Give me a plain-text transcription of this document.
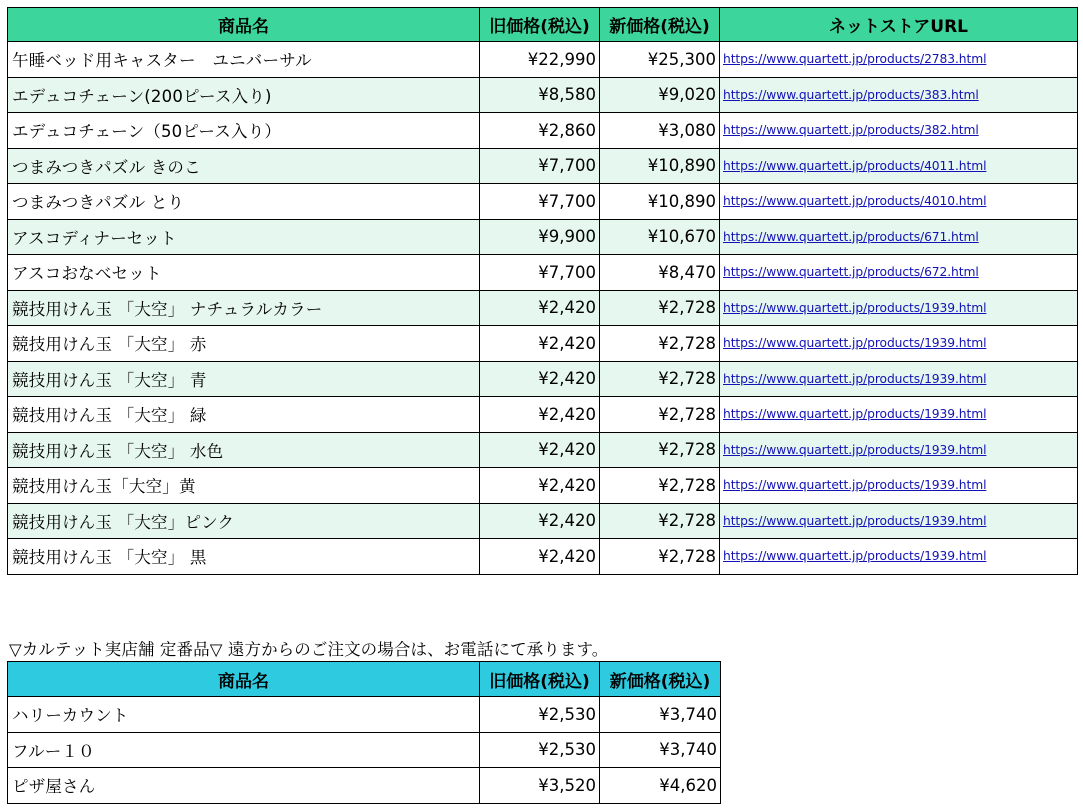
商品名	旧価格(税込)	新価格(税込)	ネットストアURL
午睡ベッド用キャスター　ユニバーサル	¥22,990	¥25,300	https://www.quartett.jp/products/2783.html
エデュコチェーン(200ピース入り)	¥8,580	¥9,020	https://www.quartett.jp/products/383.html
エデュコチェーン（50ピース入り）	¥2,860	¥3,080	https://www.quartett.jp/products/382.html
つまみつきパズル きのこ	¥7,700	¥10,890	https://www.quartett.jp/products/4011.html
つまみつきパズル とり	¥7,700	¥10,890	https://www.quartett.jp/products/4010.html
アスコディナーセット	¥9,900	¥10,670	https://www.quartett.jp/products/671.html
アスコおなべセット	¥7,700	¥8,470	https://www.quartett.jp/products/672.html
競技用けん玉 「大空」 ナチュラルカラー	¥2,420	¥2,728	https://www.quartett.jp/products/1939.html
競技用けん玉 「大空」 赤	¥2,420	¥2,728	https://www.quartett.jp/products/1939.html
競技用けん玉 「大空」 青	¥2,420	¥2,728	https://www.quartett.jp/products/1939.html
競技用けん玉 「大空」 緑	¥2,420	¥2,728	https://www.quartett.jp/products/1939.html
競技用けん玉 「大空」 水色	¥2,420	¥2,728	https://www.quartett.jp/products/1939.html
競技用けん玉「大空」黄	¥2,420	¥2,728	https://www.quartett.jp/products/1939.html
競技用けん玉 「大空」ピンク	¥2,420	¥2,728	https://www.quartett.jp/products/1939.html
競技用けん玉 「大空」 黒	¥2,420	¥2,728	https://www.quartett.jp/products/1939.html
▽カルテット実店舗 定番品▽ 遠方からのご注文の場合は、お電話にて承ります。
商品名	旧価格(税込)	新価格(税込)
ハリーカウント	¥2,530	¥3,740
フルー１０	¥2,530	¥3,740
ピザ屋さん	¥3,520	¥4,620
